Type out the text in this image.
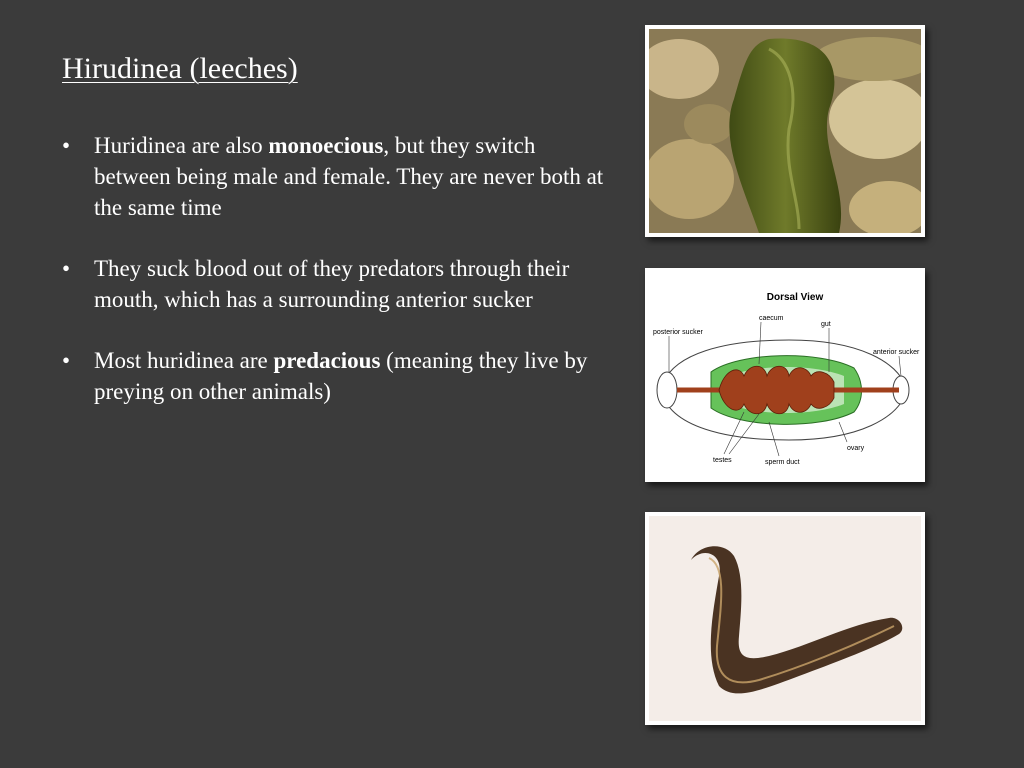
Hirudinea (leeches)
• Huridinea are also monoecious, but they switch between being male and female. They are never both at the same time
• They suck blood out of they predators through their mouth, which has a surrounding anterior sucker
• Most huridinea are predacious (meaning they live by preying on other animals)
Dorsal View
posterior sucker
caecum
gut
anterior sucker
testes	sperm duct
ovary
